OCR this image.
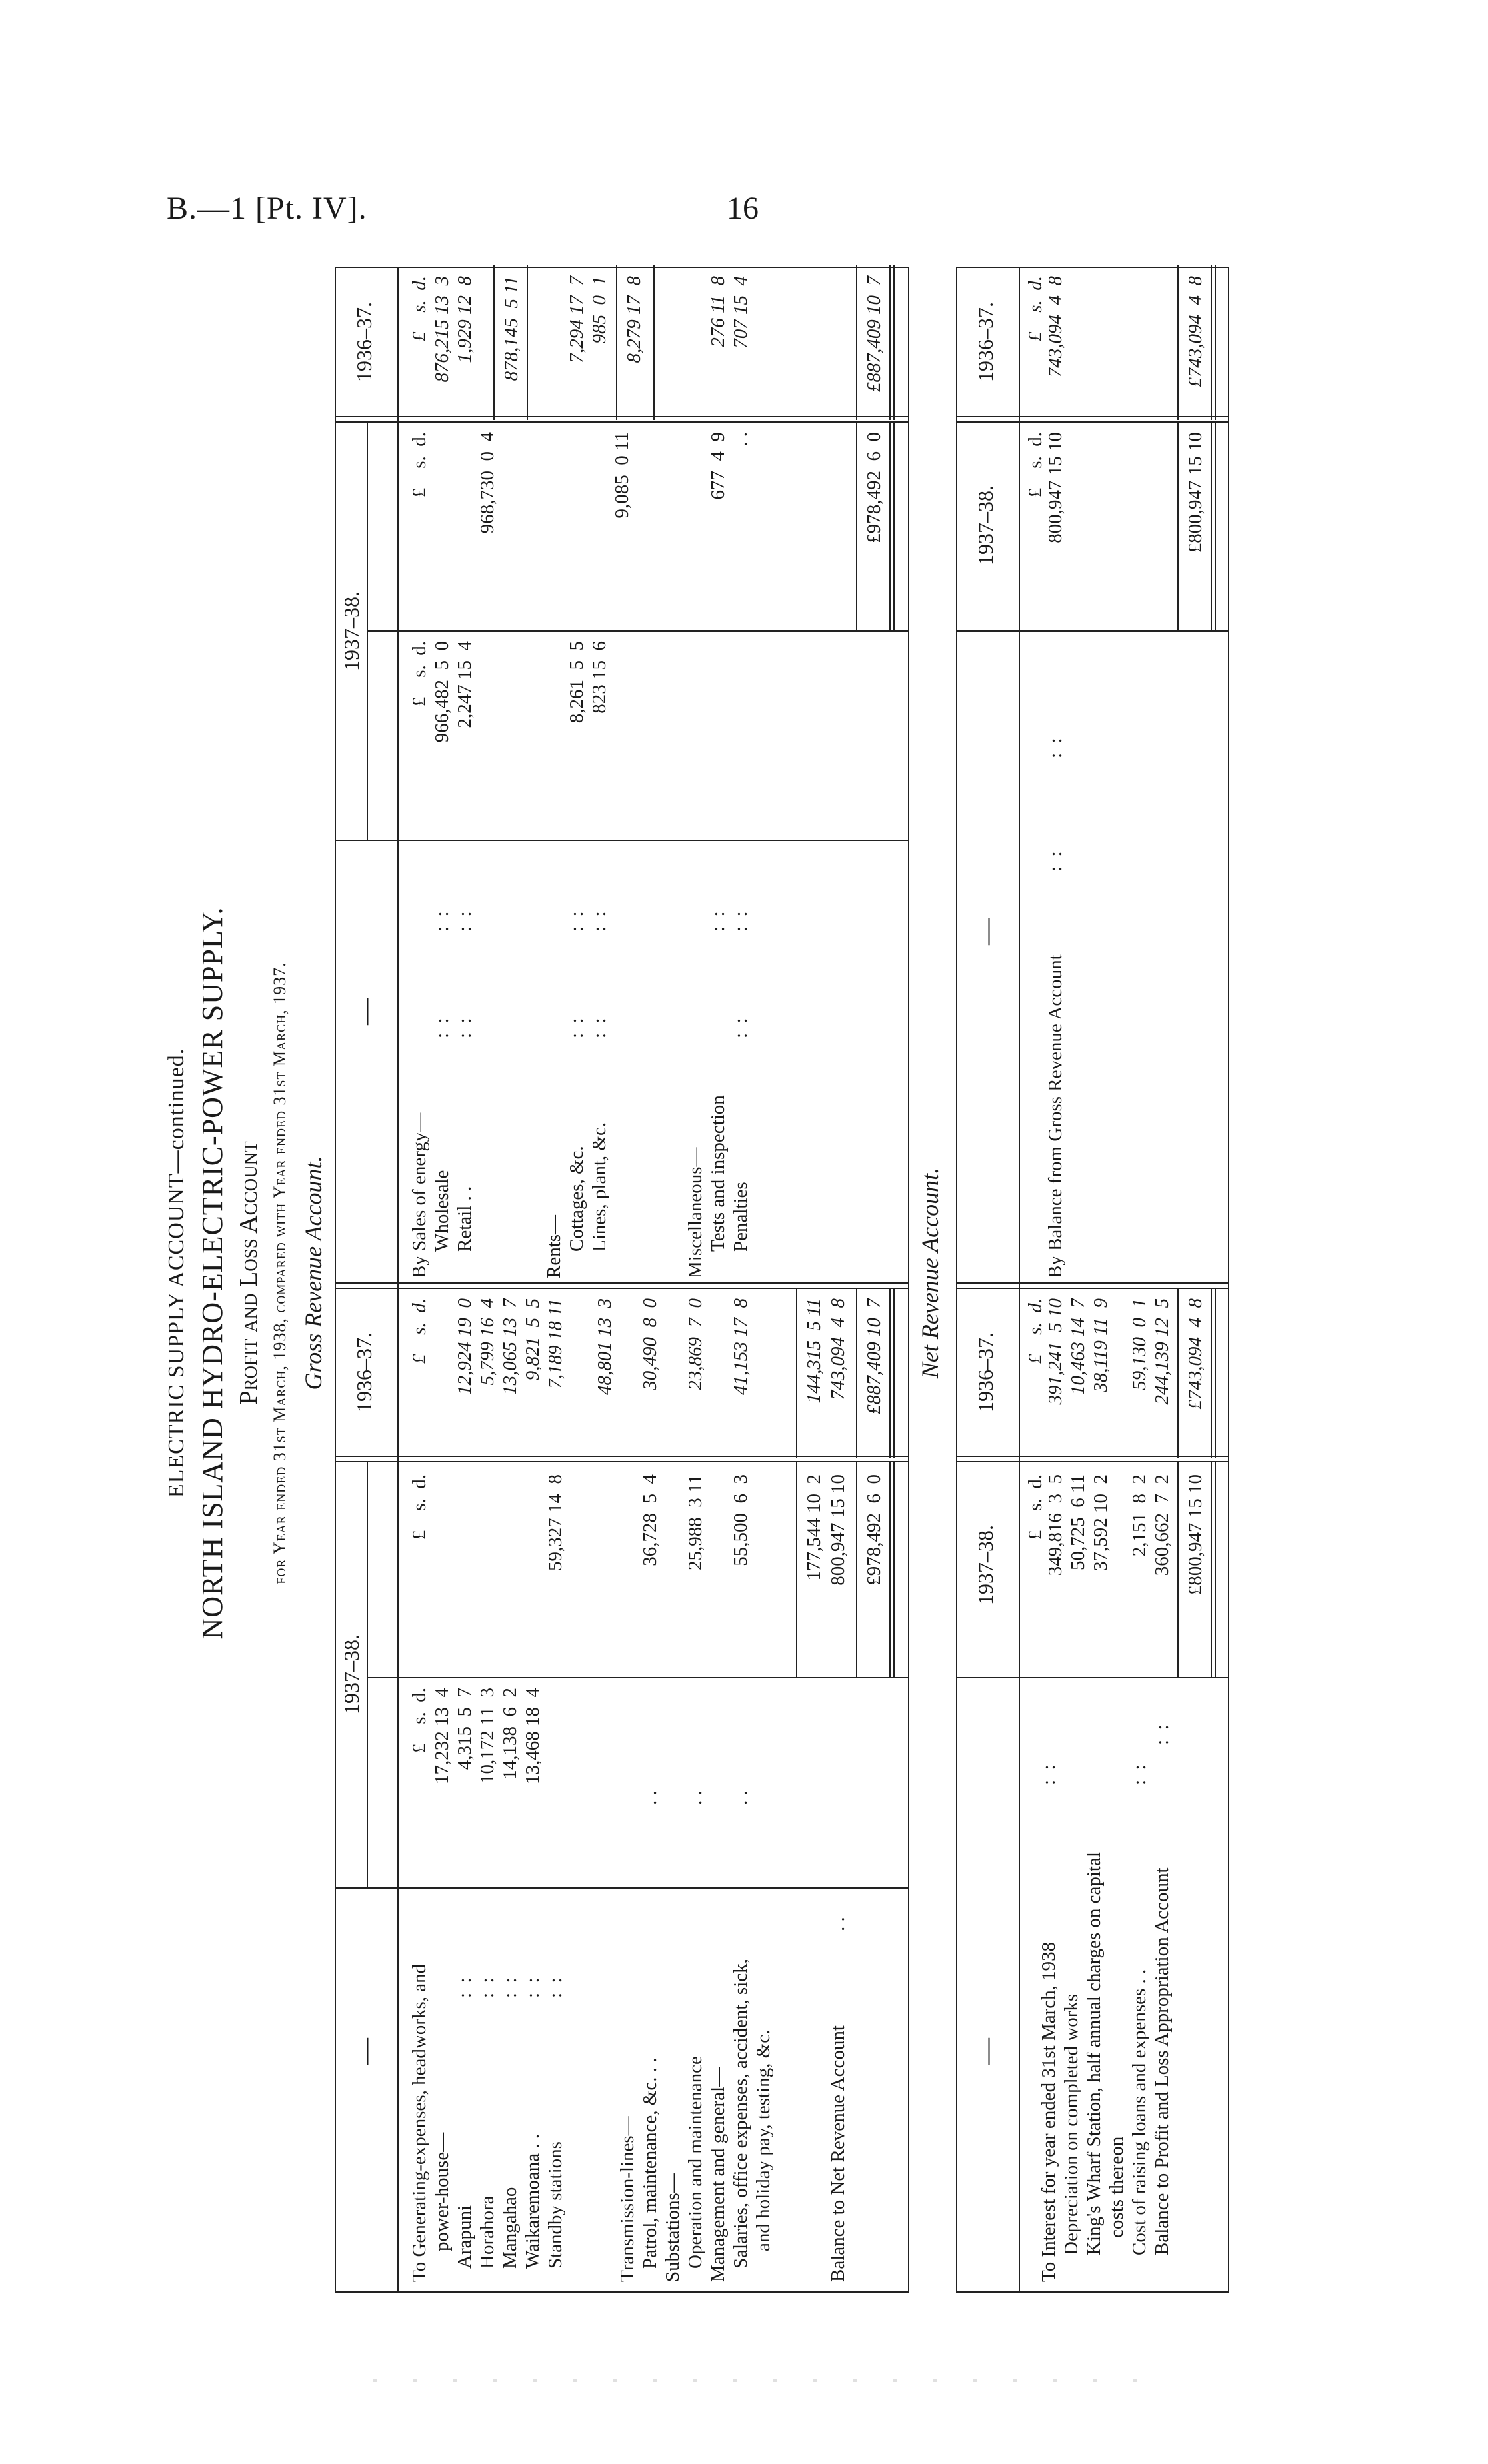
B.—1 [Pt. IV].	16
ELECTRIC SUPPLY ACCOUNT—continued. NORTH ISLAND HYDRO-ELECTRIC-POWER SUPPLY. Profit and Loss Account for Year ended 31st March, 1938, compared with Year ended 31st March, 1937. Gross Revenue Account.
—
1937–38.
1936–37.
—
1937–38.
1936–37.
To Generating-expenses, headworks, and power-house— Arapuni Horahora Mangahao Waikaremoana . . Standby stations
:  : :  : :  : :  : :  :
Transmission-lines— Patrol, maintenance, &c. . . Substations— Operation and maintenance Management and general— Salaries, office expenses, accident, sick, and holiday pay, testing, &c.
. . . . . .
Balance to Net Revenue Account
. .
£    s.  d.
£    s.  d.
£    s.  d.
17,232 13  4 4,315  5  7 10,172 11  3 14,138  6  2 13,468 18  4
59,327 14  8
12,924 19  0 5,799 16  4 13,065 13  7 9,821  5  5 7,189 18 11 48,801 13  3
36,728  5  4
30,490  8  0
25,988  3 11
23,869  7  0
55,500  6  3
41,153 17  8
177,544 10  2
144,315  5 11
800,947 15 10
743,094  4  8
£978,492  6  0
£887,409 10  7
By Sales of energy— Wholesale Retail . .
:  : :  :
:  : :  :
Rents— Cottages, &c. Lines, plant, &c.
:  : :  :
:  : :  :
Miscellaneous— Tests and inspection Penalties
:  :
:  : :  :
£    s.  d.
£    s.  d.
£    s.  d.
966,482  5  0 2,247 15  4
968,730  0  4
876,215 13  3 1,929 12  8 878,145  5 11
8,261  5  5 823 15  6
9,085  0 11
7,294 17  7 985  0  1 8,279 17  8
677  4  9 . .
276 11  8 707 15  4
£978,492  6  0
£887,409 10  7
Net Revenue Account.
—
1937–38.
1936–37.
—
1937–38.
1936–37.
To Interest for year ended 31st March, 1938 Depreciation on completed works King's Wharf Station, half annual charges on capital costs thereon Cost of raising loans and expenses . . Balance to Profit and Loss Appropriation Account
:  :	:  :
:  :
£    s.  d.
£    s.  d.
349,816  3  5 50,725  6 11 37,592 10  2 2,151  8  2 360,662  7  2
391,241  5 10 10,463 14  7 38,119 11  9 59,130  0  1 244,139 12  5
£800,947 15 10
£743,094  4  8
By Balance from Gross Revenue Account
:  :
:  :
£    s.  d.
£    s.  d.
800,947 15 10
743,094  4  8
£800,947 15 10
£743,094  4  8
